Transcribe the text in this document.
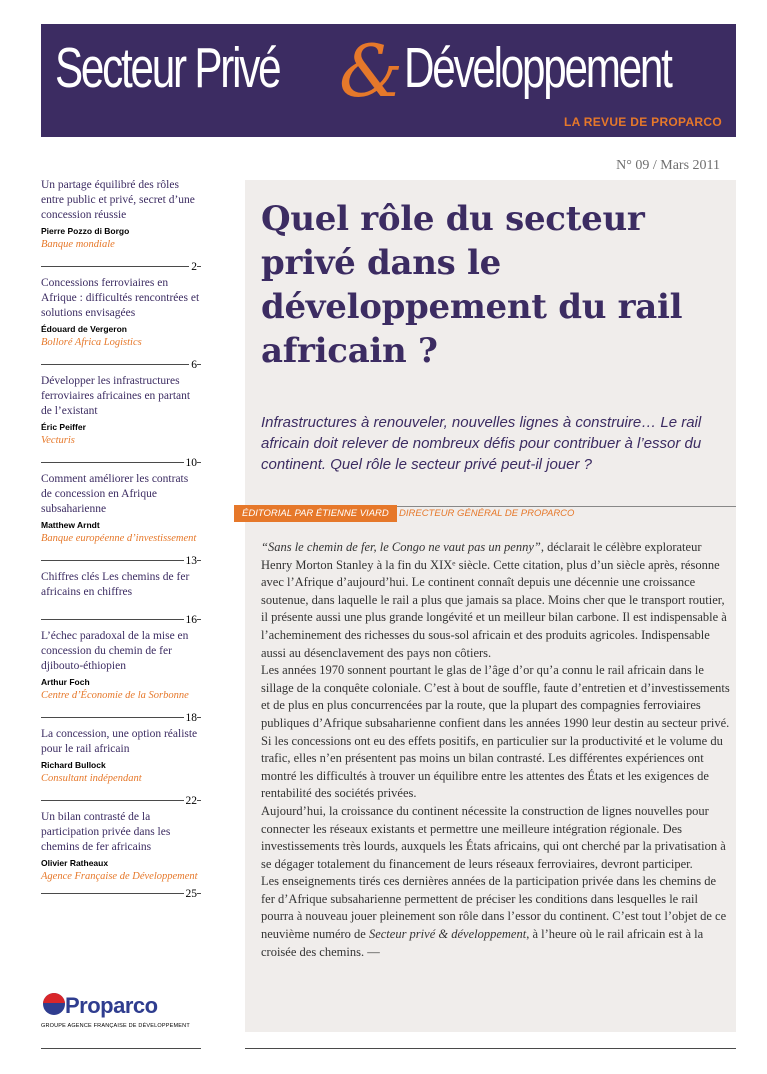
Secteur Privé & Développement
LA REVUE DE PROPARCO
N° 09 / Mars 2011
Un partage équilibré des rôles entre public et privé, secret d’une concession réussie
Pierre Pozzo di Borgo
Banque mondiale
2
Concessions ferroviaires en Afrique : difficultés rencontrées et solutions envisagées
Édouard de Vergeron
Bolloré Africa Logistics
6
Développer les infrastructures ferroviaires africaines en partant de l’existant
Éric Peiffer
Vecturis
10
Comment améliorer les contrats de concession en Afrique subsaharienne
Matthew Arndt
Banque européenne d’investissement
13
Chiffres clés Les chemins de fer africains en chiffres
16
L’échec paradoxal de la mise en concession du chemin de fer djibouto-éthiopien
Arthur Foch
Centre d’Économie de la Sorbonne
18
La concession, une option réaliste pour le rail africain
Richard Bullock
Consultant indépendant
22
Un bilan contrasté de la participation privée dans les chemins de fer africains
Olivier Ratheaux
Agence Française de Développement
25
Proparco
GROUPE AGENCE FRANÇAISE DE DÉVELOPPEMENT
Quel rôle du secteur privé dans le développement du rail africain ?
Infrastructures à renouveler, nouvelles lignes à construire… Le rail africain doit relever de nombreux défis pour contribuer à l’essor du continent. Quel rôle le secteur privé peut-il jouer ?
ÉDITORIAL PAR ÉTIENNE VIARD	DIRECTEUR GÉNÉRAL DE PROPARCO

“Sans le chemin de fer, le Congo ne vaut pas un penny”, déclarait le célèbre explorateur Henry Morton Stanley à la fin du XIXᵉ siècle. Cette citation, plus d’un siècle après, résonne avec l’Afrique d’aujourd’hui. Le continent connaît depuis une décennie une croissance soutenue, dans laquelle le rail a plus que jamais sa place. Moins cher que le transport routier, il présente aussi une plus grande longévité et un meilleur bilan carbone. Il est indispensable à l’acheminement des richesses du sous-sol africain et des produits agricoles. Indispensable aussi au désenclavement des pays non côtiers.

Les années 1970 sonnent pourtant le glas de l’âge d’or qu’a connu le rail africain dans le sillage de la conquête coloniale. C’est à bout de souffle, faute d’entretien et d’investissements et de plus en plus concurrencées par la route, que la plupart des compagnies ferroviaires publiques d’Afrique subsaharienne confient dans les années 1990 leur destin au secteur privé.

Si les concessions ont eu des effets positifs, en particulier sur la productivité et le volume du trafic, elles n’en présentent pas moins un bilan contrasté. Les différentes expériences ont montré les difficultés à trouver un équilibre entre les attentes des États et les exigences de rentabilité des sociétés privées.

Aujourd’hui, la croissance du continent nécessite la construction de lignes nouvelles pour connecter les réseaux existants et permettre une meilleure intégration régionale. Des investissements très lourds, auxquels les États africains, qui ont cherché par la privatisation à se dégager totalement du financement de leurs réseaux ferroviaires, devront participer.

Les enseignements tirés ces dernières années de la participation privée dans les chemins de fer d’Afrique subsaharienne permettent de préciser les conditions dans lesquelles le rail pourra à nouveau jouer pleinement son rôle dans l’essor du continent. C’est tout l’objet de ce neuvième numéro de Secteur privé & développement, à l’heure où le rail africain est à la croisée des chemins. —
